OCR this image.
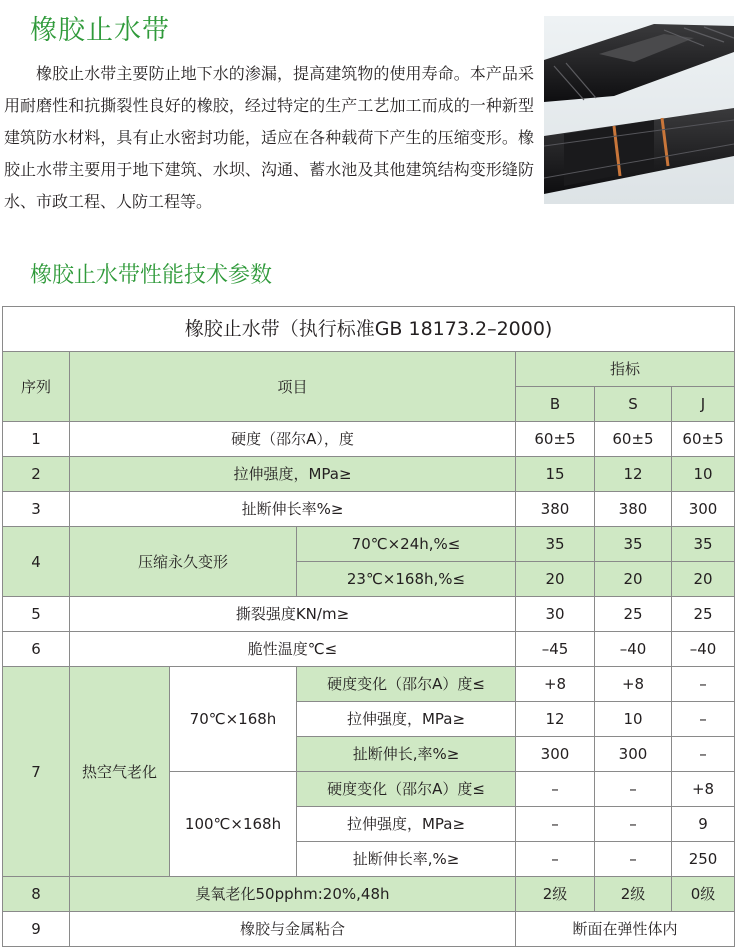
橡胶止水带

橡胶止水带主要防止地下水的渗漏，提高建筑物的使用寿命。本产品采用耐磨性和抗撕裂性良好的橡胶，经过特定的生产工艺加工而成的一种新型建筑防水材料，具有止水密封功能，适应在各种载荷下产生的压缩变形。橡胶止水带主要用于地下建筑、水坝、沟通、蓄水池及其他建筑结构变形缝防水、市政工程、人防工程等。

橡胶止水带性能技术参数
橡胶止水带（执行标准GB 18173.2–2000)						
序列	项目			指标		
				B	S	J
1	硬度（邵尔A），度			60±5	60±5	60±5
2	拉伸强度，MPa≥			15	12	10
3	扯断伸长率%≥			380	380	300
4	压缩永久变形		70℃×24h,%≤	35	35	35
			23℃×168h,%≤	20	20	20
5	撕裂强度KN/m≥			30	25	25
6	脆性温度℃≤			–45	–40	–40
7	热空气老化	70℃×168h	硬度变化（邵尔A）度≤	+8	+8	–
			拉伸强度，MPa≥	12	10	–
			扯断伸长,率%≥	300	300	–
		100℃×168h	硬度变化（邵尔A）度≤	–	–	+8
			拉伸强度，MPa≥	–	–	9
			扯断伸长率,%≥	–	–	250
8	臭氧老化50pphm:20%,48h			2级	2级	0级
9	橡胶与金属粘合			断面在弹性体内		
